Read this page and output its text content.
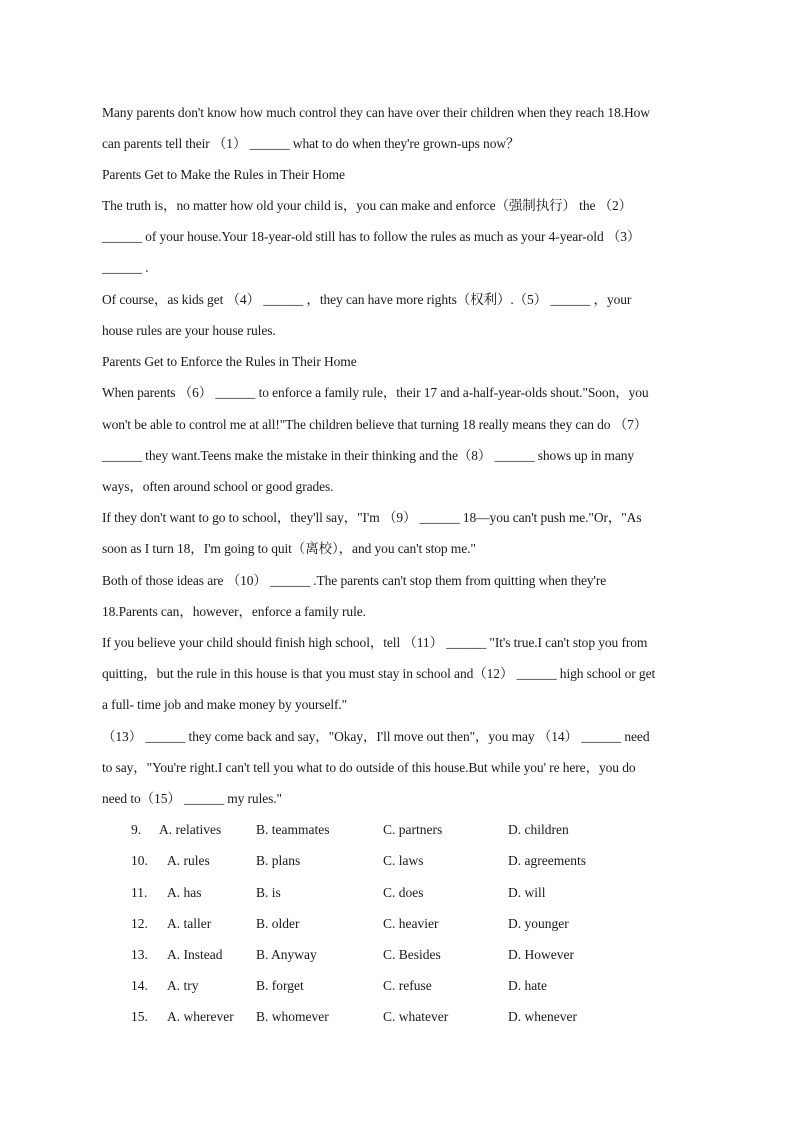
Many parents don't know how much control they can have over their children when they reach 18.How
can parents tell their （1） ______ what to do when they're grown-ups now？
Parents Get to Make the Rules in Their Home
The truth is，no matter how old your child is，you can make and enforce（强制执行） the （2）
______ of your house.Your 18-year-old still has to follow the rules as much as your 4-year-old （3）
______ .
Of course，as kids get （4） ______ ，they can have more rights（权利）.（5） ______ ，your
house rules are your house rules.
Parents Get to Enforce the Rules in Their Home
When parents （6） ______ to enforce a family rule，their 17 and a-half-year-olds shout."Soon，you
won't be able to control me at all!"The children believe that turning 18 really means they can do （7）
______ they want.Teens make the mistake in their thinking and the（8） ______ shows up in many
ways，often around school or good grades.
If they don't want to go to school，they'll say，"I'm （9） ______ 18—you can't push me."Or，"As
soon as I turn 18，I'm going to quit（离校），and you can't stop me."
Both of those ideas are （10） ______ .The parents can't stop them from quitting when they're
18.Parents can，however，enforce a family rule.
If you believe your child should finish high school，tell （11） ______ "It's true.I can't stop you from
quitting，but the rule in this house is that you must stay in school and（12） ______ high school or get
a full- time job and make money by yourself."
（13） ______ they come back and say，"Okay，I'll move out then"，you may （14） ______ need
to say，"You're right.I can't tell you what to do outside of this house.But while you' re here，you do
need to（15） ______ my rules."
9. A. relatives	B. teammates	C. partners	D. children
10. A. rules	B. plans	C. laws	D. agreements
11. A. has	B. is	C. does	D. will
12. A. taller	B. older	C. heavier	D. younger
13. A. Instead B. Anyway	C. Besides	D. However
14. A. try	B. forget	C. refuse	D. hate
15. A. wherever B. whomever	C. whatever	D. whenever
